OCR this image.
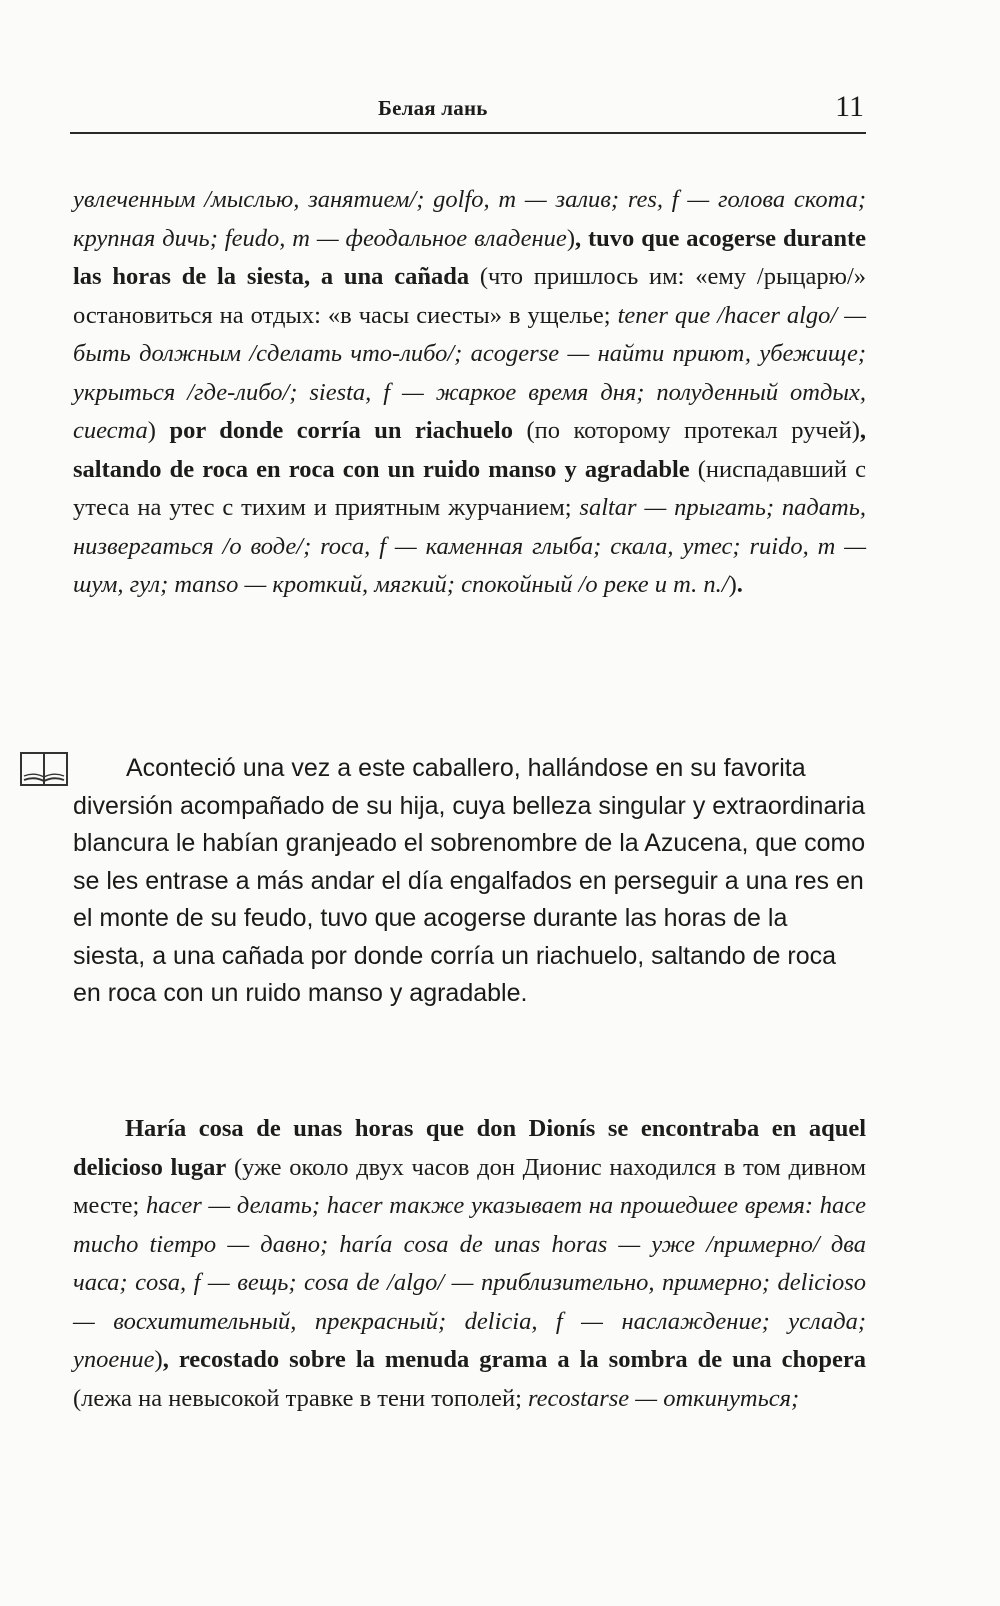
Белая лань	11

увлеченным /мыслью, занятием/; golfo, m — залив; res, f — голова скота; крупная дичь; feudo, m — феодальное владение), tuvo que acogerse durante las horas de la siesta, a una cañada (что пришлось им: «ему /рыцарю/» остановиться на отдых: «в часы сиесты» в ущелье; tener que /hacer algo/ — быть должным /сделать что-либо/; acogerse — найти приют, убежище; укрыться /где-либо/; siesta, f — жаркое время дня; полуденный отдых, сиеста) por donde corría un riachuelo (по которому протекал ручей), saltando de roca en roca con un ruido manso y agradable (ниспадавший с утеса на утес с тихим и приятным журчанием; saltar — прыгать; падать, низвергаться /о воде/; roca, f — каменная глыба; скала, утес; ruido, m — шум, гул; manso — кроткий, мягкий; спокойный /о реке и т. п./).

Aconteció una vez a este caballero, hallándose en su favorita diversión acompañado de su hija, cuya belleza singular y extraordinaria blancura le habían granjeado el sobrenombre de la Azucena, que como se les entrase a más andar el día engalfados en perseguir a una res en el monte de su feudo, tuvo que acogerse durante las horas de la siesta, a una cañada por donde corría un riachuelo, saltando de roca en roca con un ruido manso y agradable.

Haría cosa de unas horas que don Dionís se encontraba en aquel delicioso lugar (уже около двух часов дон Дионис находился в том дивном месте; hacer — делать; hacer также указывает на прошедшее время: hace mucho tiempo — давно; haría cosa de unas horas — уже /примерно/ два часа; cosa, f — вещь; cosa de /algo/ — приблизительно, примерно; delicioso — восхитительный, прекрасный; delicia, f — наслаждение; услада; упоение), recostado sobre la menuda grama a la sombra de una chopera (лежа на невысокой травке в тени тополей; recostarse — откинуться;
